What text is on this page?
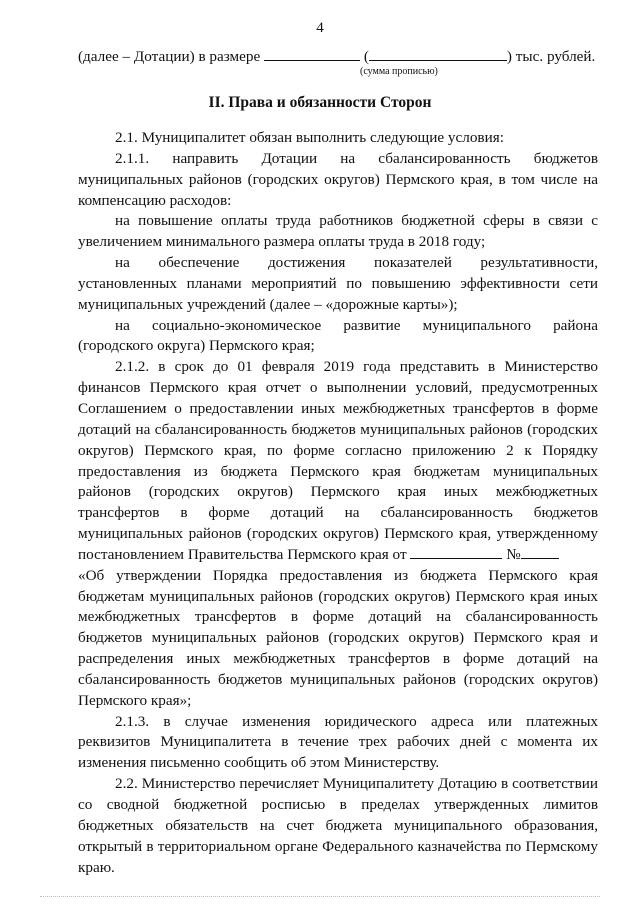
4
(далее – Дотации) в размере	(	) тыс. рублей.
(сумма прописью)
II. Права и обязанности Сторон

2.1. Муниципалитет обязан выполнить следующие условия:

2.1.1. направить Дотации на сбалансированность бюджетов муниципальных районов (городских округов) Пермского края, в том числе на компенсацию расходов:

на повышение оплаты труда работников бюджетной сферы в связи с увеличением минимального размера оплаты труда в 2018 году;

на обеспечение достижения показателей результативности, установленных планами мероприятий по повышению эффективности сети муниципальных учреждений (далее – «дорожные карты»);

на социально-экономическое развитие муниципального района (городского округа) Пермского края;

2.1.2. в срок до 01 февраля 2019 года представить в Министерство финансов Пермского края отчет о выполнении условий, предусмотренных Соглашением о предоставлении иных межбюджетных трансфертов в форме дотаций на сбалансированность бюджетов муниципальных районов (городских округов) Пермского края, по форме согласно приложению 2 к Порядку предоставления из бюджета Пермского края бюджетам муниципальных районов (городских округов) Пермского края иных межбюджетных трансфертов в форме дотаций на сбалансированность бюджетов муниципальных районов (городских округов) Пермского края, утвержденному постановлением Правительства Пермского края от	№

«Об утверждении Порядка предоставления из бюджета Пермского края бюджетам муниципальных районов (городских округов) Пермского края иных межбюджетных трансфертов в форме дотаций на сбалансированность бюджетов муниципальных районов (городских округов) Пермского края и распределения иных межбюджетных трансфертов в форме дотаций на сбалансированность бюджетов муниципальных районов (городских округов) Пермского края»;

2.1.3. в случае изменения юридического адреса или платежных реквизитов Муниципалитета в течение трех рабочих дней с момента их изменения письменно сообщить об этом Министерству.

2.2. Министерство перечисляет Муниципалитету Дотацию в соответствии со сводной бюджетной росписью в пределах утвержденных лимитов бюджетных обязательств на счет бюджета муниципального образования, открытый в территориальном органе Федерального казначейства по Пермскому краю.
